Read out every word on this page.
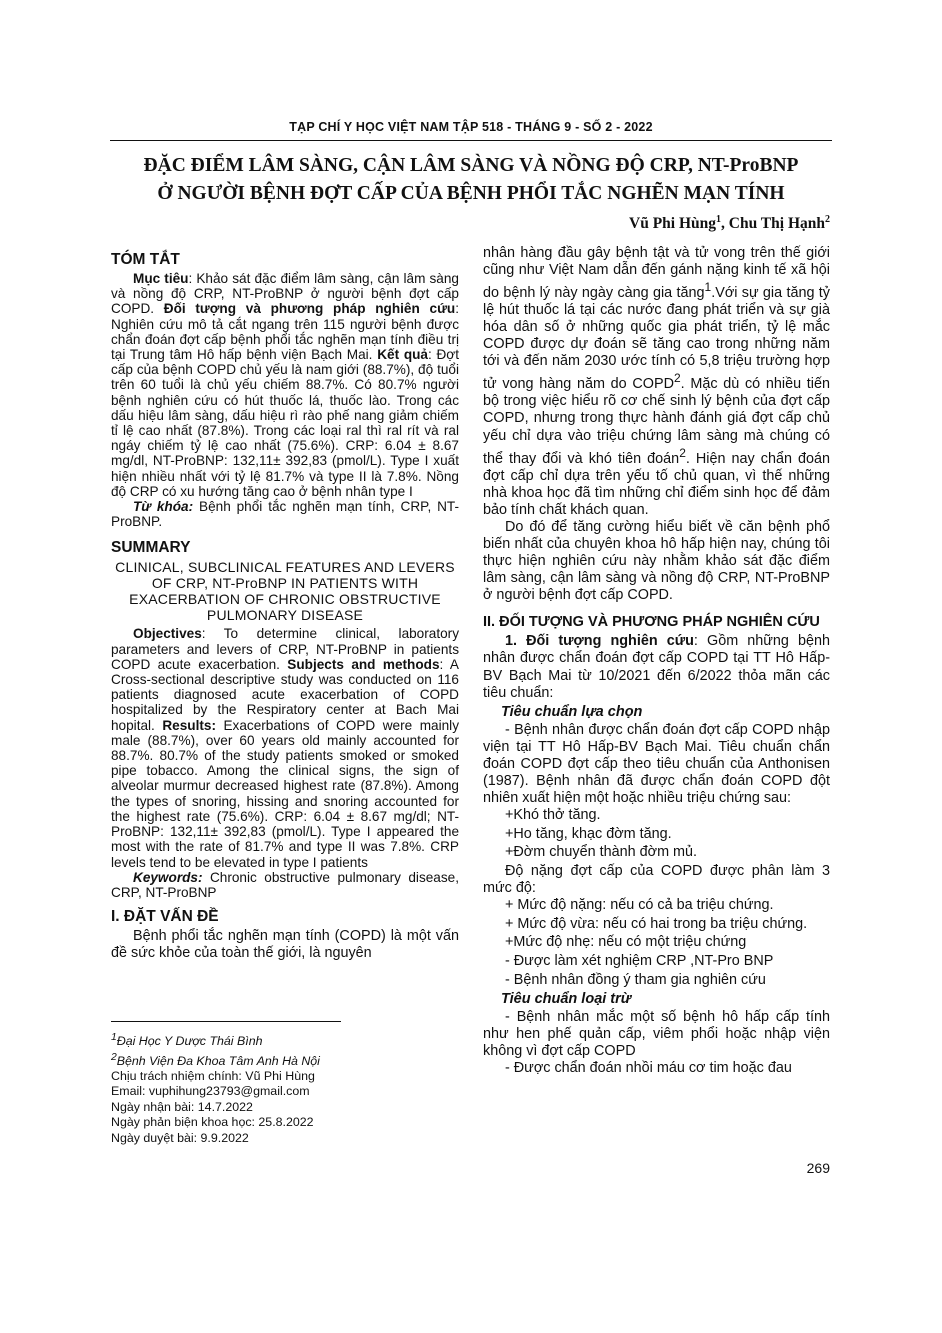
TẠP CHÍ Y HỌC VIỆT NAM TẬP 518 - THÁNG 9 - SỐ 2 - 2022
ĐẶC ĐIỂM LÂM SÀNG, CẬN LÂM SÀNG VÀ NỒNG ĐỘ CRP, NT-ProBNP
Ở NGƯỜI BỆNH ĐỢT CẤP CỦA BỆNH PHỔI TẮC NGHẼN MẠN TÍNH
Vũ Phi Hùng$^1$, Chu Thị Hạnh$^2$
TÓM TẮT

Mục tiêu: Khảo sát đặc điểm lâm sàng, cận lâm sàng và nồng độ CRP, NT-ProBNP ở người bệnh đợt cấp COPD. Đối tượng và phương pháp nghiên cứu: Nghiên cứu mô tả cắt ngang trên 115 người bệnh được chẩn đoán đợt cấp bệnh phổi tắc nghẽn mạn tính điều trị tại Trung tâm Hô hấp bệnh viện Bạch Mai. Kết quả: Đợt cấp của bệnh COPD chủ yếu là nam giới (88.7%), độ tuổi trên 60 tuổi là chủ yếu chiếm 88.7%. Có 80.7% người bệnh nghiên cứu có hút thuốc lá, thuốc lào. Trong các dấu hiệu lâm sàng, dấu hiệu rì rào phế nang giảm chiếm tỉ lệ cao nhất (87.8%). Trong các loại ral thì ral rít và ral ngáy chiếm tỷ lệ cao nhất (75.6%). CRP: 6.04 ± 8.67 mg/dl, NT-ProBNP: 132,11± 392,83 (pmol/L). Type I xuất hiện nhiều nhất với tỷ lệ 81.7% và type II là 7.8%. Nồng độ CRP có xu hướng tăng cao ở bệnh nhân type I

Từ khóa: Bệnh phổi tắc nghẽn mạn tính, CRP, NT-ProBNP.

SUMMARY
CLINICAL, SUBCLINICAL FEATURES AND LEVERS OF CRP, NT-ProBNP IN PATIENTS WITH EXACERBATION OF CHRONIC OBSTRUCTIVE PULMONARY DISEASE

Objectives: To determine clinical, laboratory parameters and levers of CRP, NT-ProBNP in patients COPD acute exacerbation. Subjects and methods: A Cross-sectional descriptive study was conducted on 116 patients diagnosed acute exacerbation of COPD hospitalized by the Respiratory center at Bach Mai hopital. Results: Exacerbations of COPD were mainly male (88.7%), over 60 years old mainly accounted for 88.7%. 80.7% of the study patients smoked or smoked pipe tobacco. Among the clinical signs, the sign of alveolar murmur decreased highest rate (87.8%). Among the types of snoring, hissing and snoring accounted for the highest rate (75.6%). CRP: 6.04 ± 8.67 mg/dl; NT-ProBNP: 132,11± 392,83 (pmol/L). Type I appeared the most with the rate of 81.7% and type II was 7.8%. CRP levels tend to be elevated in type I patients

Keywords: Chronic obstructive pulmonary disease, CRP, NT-ProBNP

I. ĐẶT VẤN ĐỀ

Bệnh phổi tắc nghẽn mạn tính (COPD) là một vấn đề sức khỏe của toàn thế giới, là nguyên

$^1$Đại Học Y Dược Thái Bình
$^2$Bệnh Viện Đa Khoa Tâm Anh Hà Nội
Chịu trách nhiệm chính: Vũ Phi Hùng
Email: vuphihung23793@gmail.com
Ngày nhận bài: 14.7.2022
Ngày phản biện khoa học: 25.8.2022
Ngày duyệt bài: 9.9.2022

nhân hàng đầu gây bệnh tật và tử vong trên thế giới cũng như Việt Nam dẫn đến gánh nặng kinh tế xã hội do bệnh lý này ngày càng gia tăng$^1$.Với sự gia tăng tỷ lệ hút thuốc lá tại các nước đang phát triển và sự già hóa dân số ở những quốc gia phát triển, tỷ lệ mắc COPD được dự đoán sẽ tăng cao trong những năm tới và đến năm 2030 ước tính có 5,8 triệu trường hợp tử vong hàng năm do COPD$^2$. Mặc dù có nhiều tiến bộ trong việc hiểu rõ cơ chế sinh lý bệnh của đợt cấp COPD, nhưng trong thực hành đánh giá đợt cấp chủ yếu chỉ dựa vào triệu chứng lâm sàng mà chúng có thể thay đổi và khó tiên đoán$^2$. Hiện nay chẩn đoán đợt cấp chỉ dựa trên yếu tố chủ quan, vì thế những nhà khoa học đã tìm những chỉ điểm sinh học để đảm bảo tính chất khách quan.

Do đó để tăng cường hiểu biết về căn bệnh phổ biến nhất của chuyên khoa hô hấp hiện nay, chúng tôi thực hiện nghiên cứu này nhằm khảo sát đặc điểm lâm sàng, cận lâm sàng và nồng độ CRP, NT-ProBNP ở người bệnh đợt cấp COPD.

II. ĐỐI TƯỢNG VÀ PHƯƠNG PHÁP NGHIÊN CỨU

1. Đối tượng nghiên cứu: Gồm những bệnh nhân được chẩn đoán đợt cấp COPD tại TT Hô Hấp-BV Bạch Mai từ 10/2021 đến 6/2022 thỏa mãn các tiêu chuẩn:

Tiêu chuẩn lựa chọn

- Bệnh nhân được chẩn đoán đợt cấp COPD nhập viện tại TT Hô Hấp-BV Bạch Mai. Tiêu chuẩn chẩn đoán COPD đợt cấp theo tiêu chuẩn của Anthonisen (1987). Bệnh nhân đã được chẩn đoán COPD đột nhiên xuất hiện một hoặc nhiều triệu chứng sau:

+Khó thở tăng.
+Ho tăng, khạc đờm tăng.
+Đờm chuyển thành đờm mủ.

Độ nặng đợt cấp của COPD được phân làm 3 mức độ:

+ Mức độ nặng: nếu có cả ba triệu chứng.
+ Mức độ vừa: nếu có hai trong ba triệu chứng.
+Mức độ nhẹ: nếu có một triệu chứng
- Được làm xét nghiệm CRP ,NT-Pro BNP
- Bệnh nhân đồng ý tham gia nghiên cứu
Tiêu chuẩn loại trừ

- Bệnh nhân mắc một số bệnh hô hấp cấp tính như hen phế quản cấp, viêm phổi hoặc nhập viện không vì đợt cấp COPD

- Được chẩn đoán nhồi máu cơ tim hoặc đau

269
